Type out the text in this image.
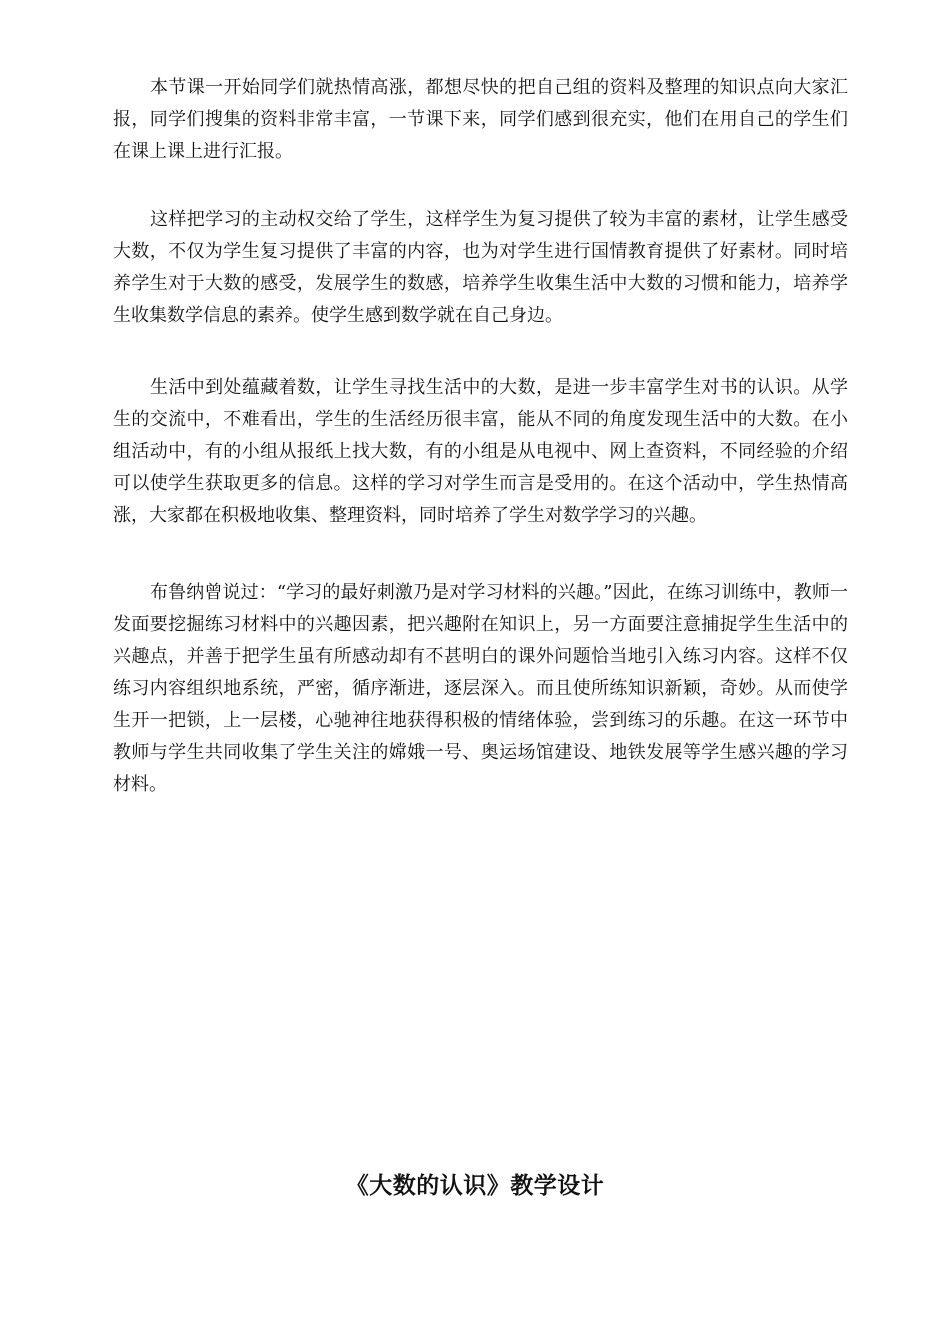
本节课一开始同学们就热情高涨，都想尽快的把自己组的资料及整理的知识点向大家汇报，同学们搜集的资料非常丰富，一节课下来，同学们感到很充实，他们在用自己的学生们在课上课上进行汇报。

这样把学习的主动权交给了学生，这样学生为复习提供了较为丰富的素材，让学生感受大数，不仅为学生复习提供了丰富的内容，也为对学生进行国情教育提供了好素材。同时培养学生对于大数的感受，发展学生的数感，培养学生收集生活中大数的习惯和能力，培养学生收集数学信息的素养。使学生感到数学就在自己身边。

生活中到处蕴藏着数，让学生寻找生活中的大数，是进一步丰富学生对书的认识。从学生的交流中，不难看出，学生的生活经历很丰富，能从不同的角度发现生活中的大数。在小组活动中，有的小组从报纸上找大数，有的小组是从电视中、网上查资料，不同经验的介绍可以使学生获取更多的信息。这样的学习对学生而言是受用的。在这个活动中，学生热情高涨，大家都在积极地收集、整理资料，同时培养了学生对数学学习的兴趣。

布鲁纳曾说过：“学习的最好刺激乃是对学习材料的兴趣。”因此，在练习训练中，教师一发面要挖掘练习材料中的兴趣因素，把兴趣附在知识上，另一方面要注意捕捉学生生活中的兴趣点，并善于把学生虽有所感动却有不甚明白的课外问题恰当地引入练习内容。这样不仅练习内容组织地系统，严密，循序渐进，逐层深入。而且使所练知识新颖，奇妙。从而使学生开一把锁，上一层楼，心驰神往地获得积极的情绪体验，尝到练习的乐趣。在这一环节中教师与学生共同收集了学生关注的嫦娥一号、奥运场馆建设、地铁发展等学生感兴趣的学习材料。

《大数的认识》教学设计
